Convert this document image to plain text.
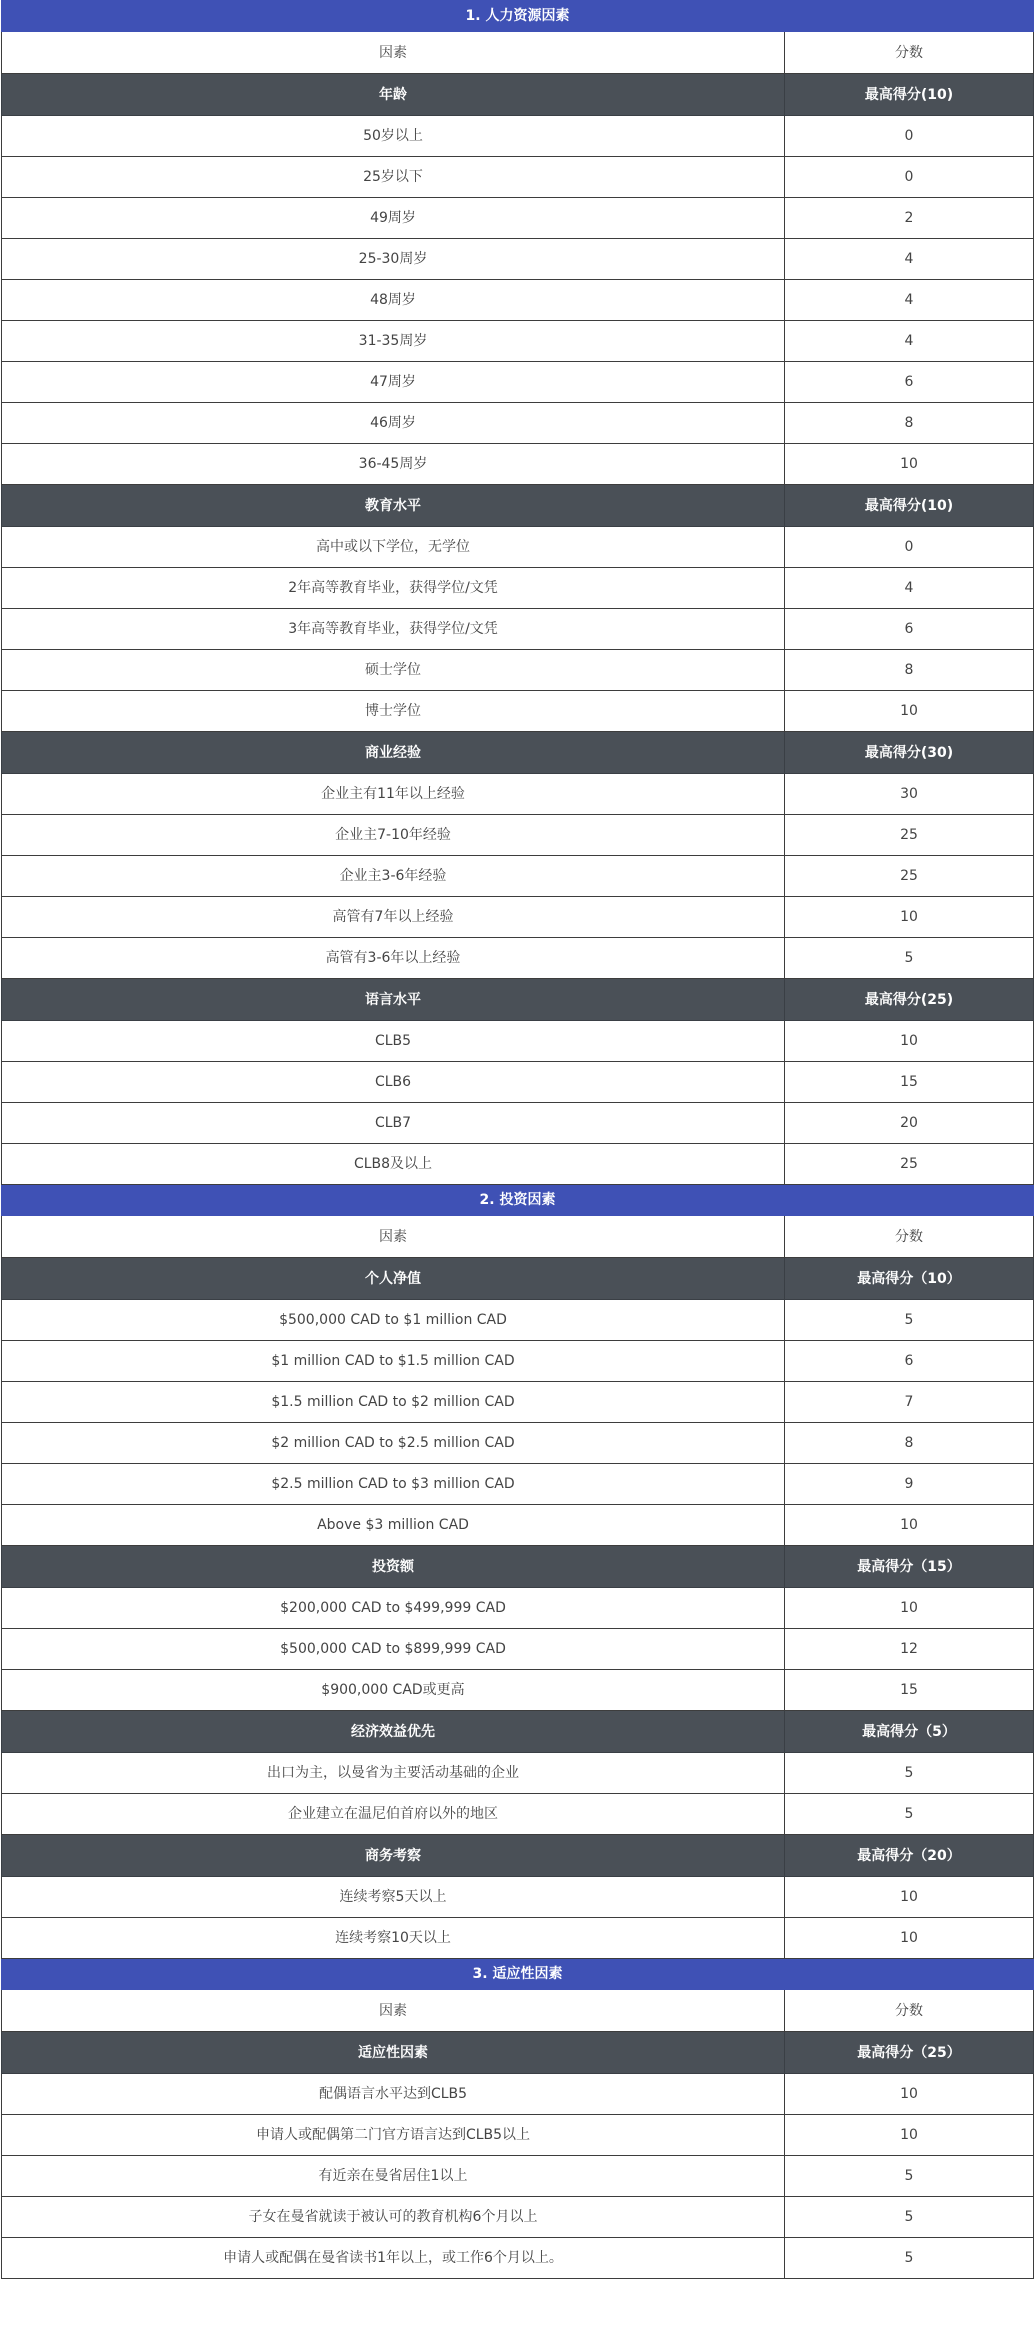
1. 人力资源因素	
因素	分数
年龄	最高得分(10)
50岁以上	0
25岁以下	0
49周岁	2
25-30周岁	4
48周岁	4
31-35周岁	4
47周岁	6
46周岁	8
36-45周岁	10
教育水平	最高得分(10)
高中或以下学位，无学位	0
2年高等教育毕业，获得学位/文凭	4
3年高等教育毕业，获得学位/文凭	6
硕士学位	8
博士学位	10
商业经验	最高得分(30)
企业主有11年以上经验	30
企业主7-10年经验	25
企业主3-6年经验	25
高管有7年以上经验	10
高管有3-6年以上经验	5
语言水平	最高得分(25)
CLB5	10
CLB6	15
CLB7	20
CLB8及以上	25
2. 投资因素	
因素	分数
个人净值	最高得分（10）
$500,000 CAD to $1 million CAD	5
$1 million CAD to $1.5 million CAD	6
$1.5 million CAD to $2 million CAD	7
$2 million CAD to $2.5 million CAD	8
$2.5 million CAD to $3 million CAD	9
Above $3 million CAD	10
投资额	最高得分（15）
$200,000 CAD to $499,999 CAD	10
$500,000 CAD to $899,999 CAD	12
$900,000 CAD或更高	15
经济效益优先	最高得分（5）
出口为主，以曼省为主要活动基础的企业	5
企业建立在温尼伯首府以外的地区	5
商务考察	最高得分（20）
连续考察5天以上	10
连续考察10天以上	10
3. 适应性因素	
因素	分数
适应性因素	最高得分（25）
配偶语言水平达到CLB5	10
申请人或配偶第二门官方语言达到CLB5以上	10
有近亲在曼省居住1以上	5
子女在曼省就读于被认可的教育机构6个月以上	5
申请人或配偶在曼省读书1年以上，或工作6个月以上。	5
